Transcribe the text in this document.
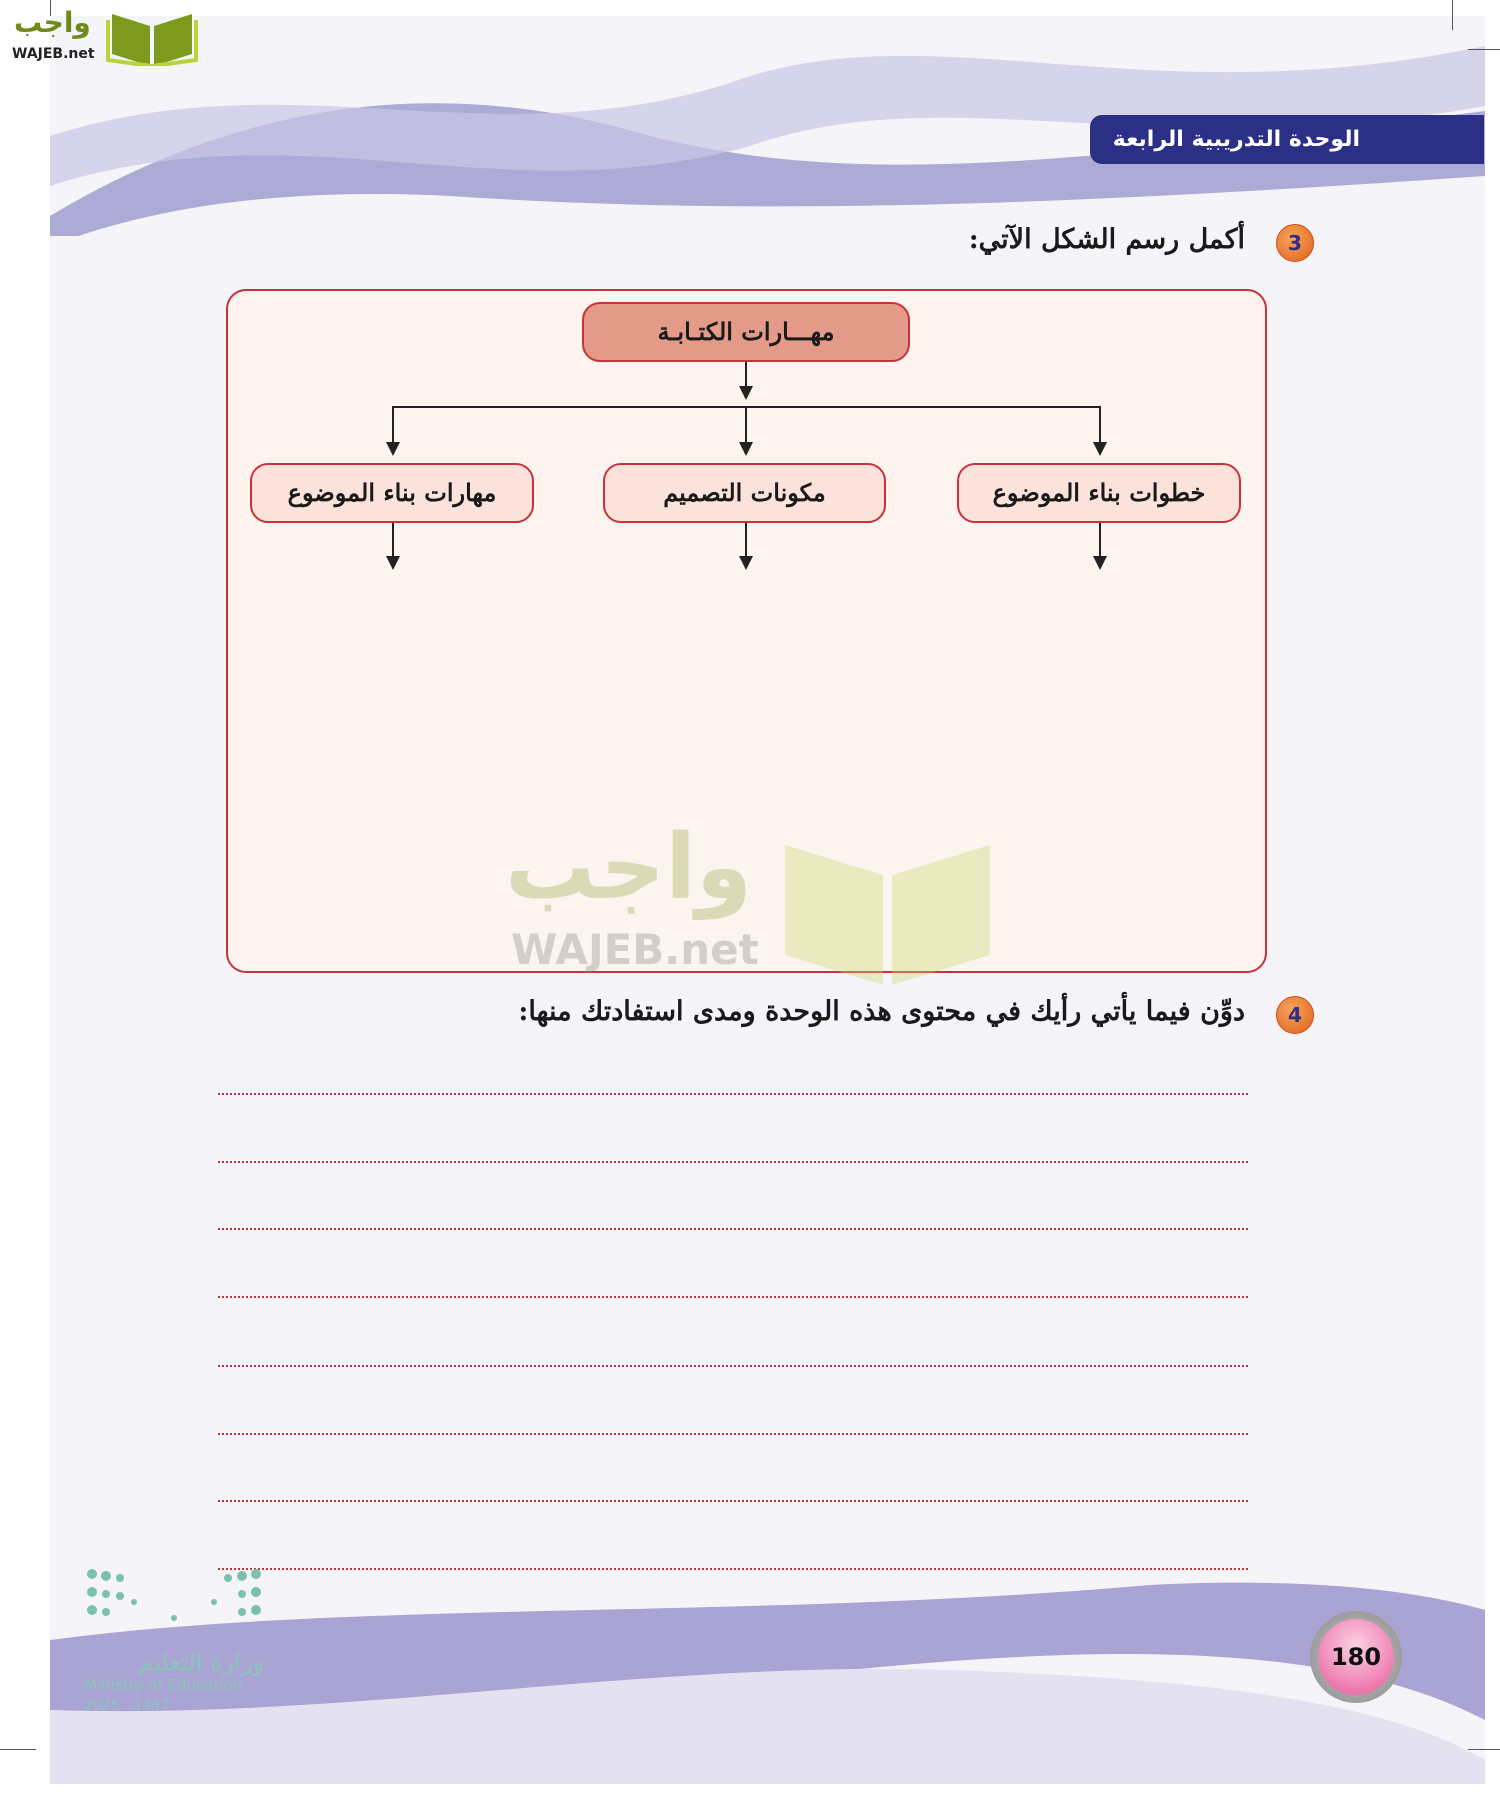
واجب
WAJEB.net
الوحدة التدريبية الرابعة
3
أكمل رسم الشكل الآتي:
مهـــارات الكتـابـة
خطوات بناء الموضوع
مكونات التصميم
مهارات بناء الموضوع
واجب
WAJEB.net
4
دوِّن فيما يأتي رأيك في محتوى هذه الوحدة ومدى استفادتك منها:
وزارة التعليم
Ministry of Education
2025 - 1447
180
